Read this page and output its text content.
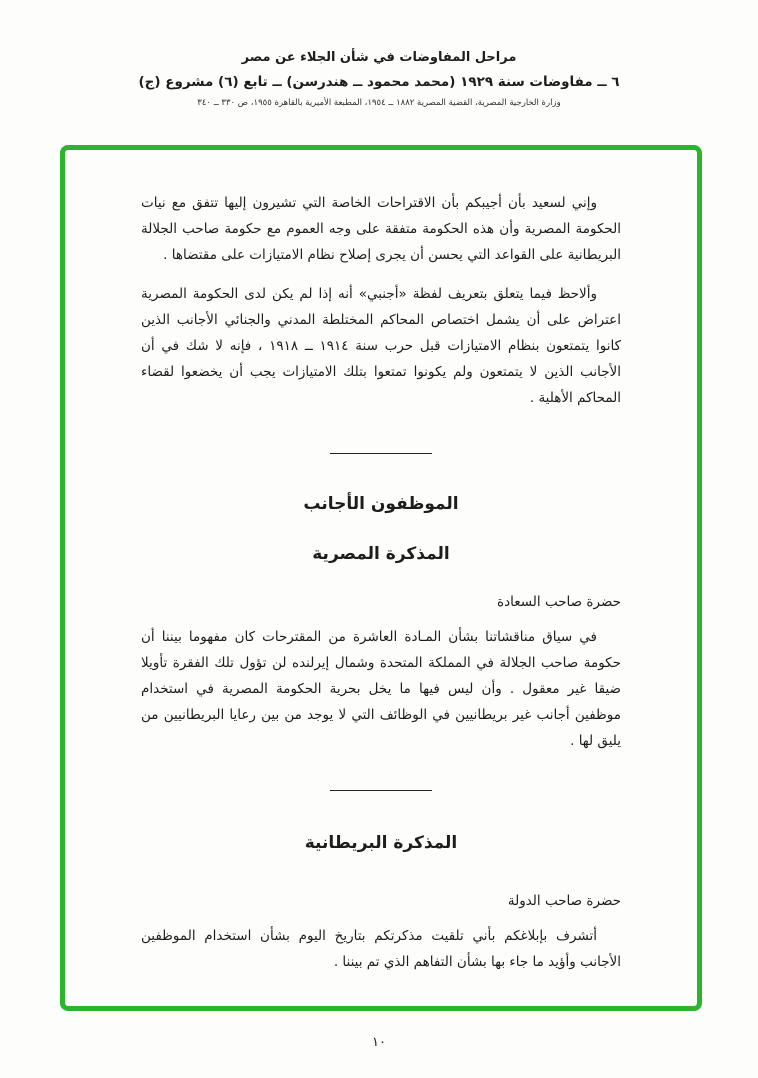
مراحل المفاوضات في شأن الجلاء عن مصر
٦ ــ مفاوضات سنة ١٩٢٩ (محمد محمود ــ هندرسن) ــ تابع (٦) مشروع (ج)
وزارة الخارجية المصرية، القضية المصرية ١٨٨٢ ــ ١٩٥٤، المطبعة الأميرية بالقاهرة ١٩٥٥، ص ٣٣٠ ــ ٣٤٠

وإني لسعيد بأن أجيبكم بأن الاقتراحات الخاصة التي تشيرون إليها تتفق مع نيات الحكومة المصرية وأن هذه الحكومة متفقة على وجه العموم مع حكومة صاحب الجلالة البريطانية على القواعد التي يحسن أن يجرى إصلاح نظام الامتيازات على مقتضاها .

وألاحظ فيما يتعلق بتعريف لفظة «أجنبي» أنه إذا لم يكن لدى الحكومة المصرية اعتراض على أن يشمل اختصاص المحاكم المختلطة المدني والجنائي الأجانب الذين كانوا يتمتعون بنظام الامتيازات قبل حرب سنة ١٩١٤ ــ ١٩١٨ ، فإنه لا شك في أن الأجانب الذين لا يتمتعون ولم يكونوا تمتعوا بتلك الامتيازات يجب أن يخضعوا لقضاء المحاكم الأهلية .

الموظفون الأجانب
المذكرة المصرية
حضرة صاحب السعادة

في سياق مناقشاتنا بشأن المـادة العاشرة من المقترحات كان مفهوما بيننا أن حكومة صاحب الجلالة في المملكة المتحدة وشمال إيرلنده لن تؤول تلك الفقرة تأويلا ضيقا غير معقول . وأن ليس فيها ما يخل بحرية الحكومة المصرية في استخدام موظفين أجانب غير بريطانيين في الوظائف التي لا يوجد من بين رعايا البريطانيين من يليق لها .

المذكرة البريطانية
حضرة صاحب الدولة

أتشرف بإبلاغكم بأني تلقيت مذكرتكم بتاريخ اليوم بشأن استخدام الموظفين الأجانب وأؤيد ما جاء بها بشأن التفاهم الذي تم بيننا .

١٠
